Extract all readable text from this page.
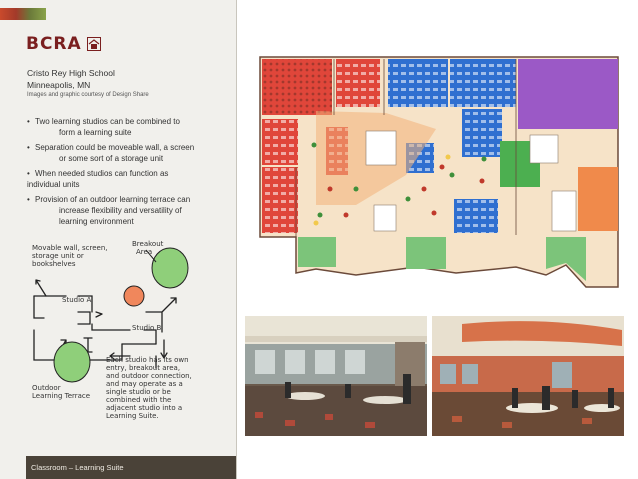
BCRA
Cristo Rey High School
Minneapolis, MN
Images and graphic courtesy of Design Share
• Two learning studios can be combined to
form a learning suite
• Separation could be moveable wall, a screen
or some sort of a storage unit
• When needed studios can function as
individual units
• Provision of an outdoor learning terrace can
increase flexibility and versatility of
learning environment
Movable wall, screen,
storage unit or
bookshelves
Breakout
Area
Studio A
Studio B
Outdoor
Learning Terrace
Each studio has its own
entry, breakout area,
and outdoor connection,
and may operate as a
single studio or be
combined with the
adjacent studio into a
Learning Suite.
Classroom – Learning Suite
